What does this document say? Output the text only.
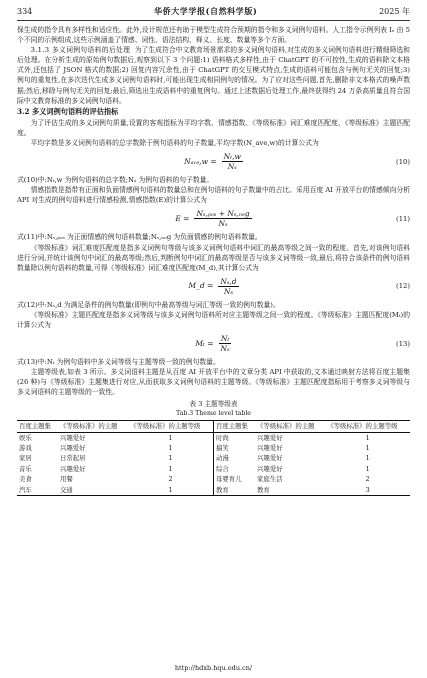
334	华侨大学学报(自然科学版)	2025 年

保生成的指令具有多样性和适应性。此外,设计规范还有助于模型生成符合预期的指令和多义词例句语料。人工指令示例列表 Iₑ 由 5 个不同的示例组成,这些示例涵盖了情感、词性、语法结构、释义、长度、数量等多个方面。

3.1.3 多义词例句语料的后处理 为了生成符合中文教育场景需求的多义词例句语料,对生成的多义词例句语料进行精细筛选和后处理。在分析生成的原始例句数据后,观察到以下 3 个问题:1) 语料格式多样性,由于 ChatGPT 的不可控性,生成的语料除文本格式外,还包括了 JSON 格式的数据;2) 回复内容冗余性,由于 ChatGPT 的交互模式特点,生成的语料可能包含与例句无关的回复;3) 例句的重复性,在多次迭代生成多义词例句语料时,可能出现生成相同例句的情况。为了应对这些问题,首先,删除非文本格式的噪声数据;然后,移除与例句无关的回复;最后,筛选出生成语料中的重复例句。通过上述数据后处理工作,最终获得约 24 万条高质量且符合国际中文教育标准的多义词例句语料。

3.2 多义词例句语料的评估指标

为了评估生成的多义词例句质量,设置的客观指标为平均字数、情感指数、《等级标准》词汇难度匹配度、《等级标准》主题匹配度。

平均字数是多义词例句语料的总字数除于例句语料的句子数量,平均字数(N_ave,w)的计算公式为

Nₐᵥₑ,w = $\frac{\text{Nₜ,w}}{\text{Nₛ}}$	(10)

式(10)中:Nₜ,w 为例句语料的总字数;Nₛ 为例句语料的句子数量。

情感指数是指带有正面和负面情感例句语料的数量总和在例句语料的句子数量中的占比。采用百度 AI 开放平台的情感倾向分析 API 对生成的例句语料进行情感检测,情感指数(E)的计算公式为

$E = \frac{\text{Nₛ,ₚₒₛ + Nₛ,ₙₑg}}{\text{Nₛ}}$	(11)

式(11)中:Nₛ,ₚₒₛ 为正面情感的例句语料数量;Nₛ,ₙₑg 为负面情感的例句语料数量。

《等级标准》词汇难度匹配度是指多义词例句等级与该多义词例句语料中词汇的最高等级之间一致的程度。首先,对该例句语料进行分词,并统计该例句中词汇的最高等级;然后,判断例句中词汇的最高等级是否与该多义词等级一致,最后,将符合该条件的例句语料数量除以例句语料的数量,可得《等级标准》词汇难度匹配度(M_d),其计算公式为

M_d = $\frac{\text{Nₛ,d}}{\text{Nₛ}}$	(12)

式(12)中:Nₛ,d 为满足条件的例句数量(即例句中最高等级与词汇等级一致的例句数量)。

《等级标准》主题匹配度是指多义词等级与该多义词例句语料所对应主题等级之间一致的程度。《等级标准》主题匹配度(Mₜ)的计算公式为

$M_t = \frac{\text{Nₜ}}{\text{Nₛ}}$	(13)

式(13)中:Nₜ 为例句语料中多义词等级与主题等级一致的例句数量。

主题等级表,如表 3 所示。多义词语料主题是从百度 AI 开放平台中的文章分类 API 中获取的,文本通过映射方法将百度主题集(26 种)与《等级标准》主题集进行对应,从而获取多义词例句语料的主题等级。《等级标准》主题匹配度指标用于考察多义词等级与多义词语料的主题等级的一致性。

表 3 主题等级表
Tab.3 Theme level table
百度主题集	《等级标准》的主题	《等级标准》的主题等级	百度主题集	《等级标准》的主题	《等级标准》的主题等级
娱乐	兴趣爱好	1	时尚	兴趣爱好	1
游戏	兴趣爱好	1	搞笑	兴趣爱好	1
家居	日常起居	1	动漫	兴趣爱好	1
音乐	兴趣爱好	1	综合	兴趣爱好	1
美食	用餐	2	母婴育儿	家庭生活	2
汽车	交通	1	教育	教育	3
http://hdxb.hqu.edu.cn/
